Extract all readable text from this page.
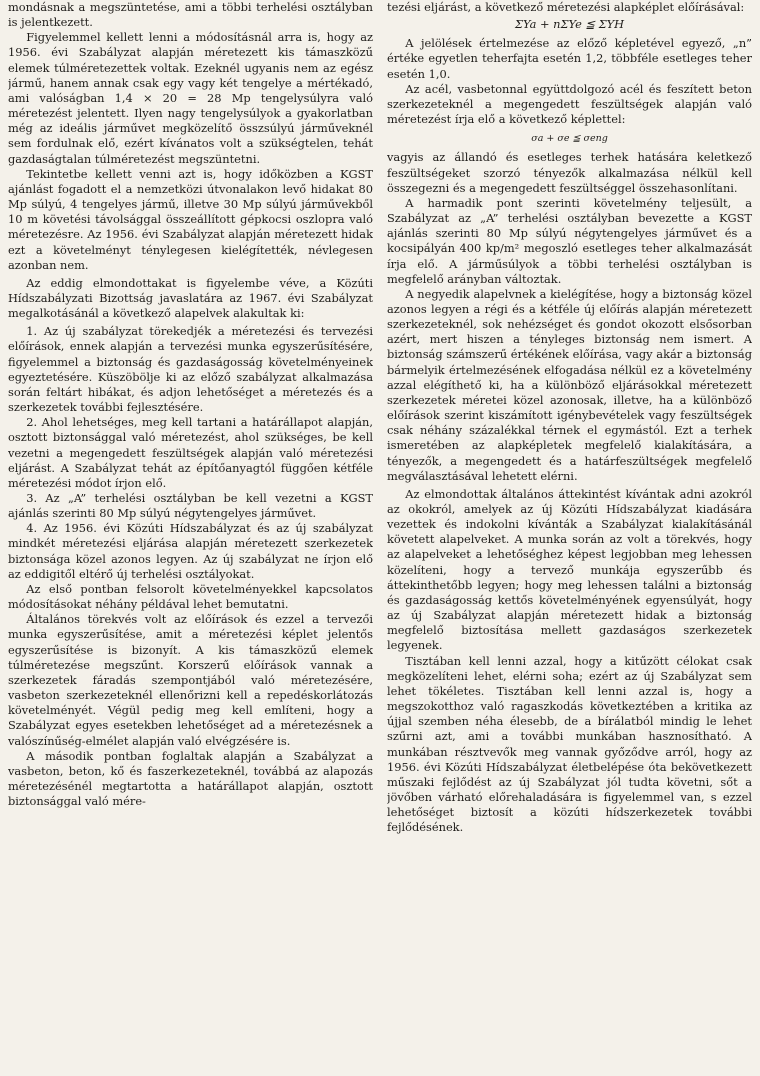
mondásnak a megszüntetése, ami a többi terhelési osztályban is jelentkezett.

Figyelemmel kellett lenni a módosításnál arra is, hogy az 1956. évi Szabályzat alapján méretezett kis támaszközű elemek túlméretezettek voltak. Ezeknél ugyanis nem az egész jármű, hanem annak csak egy vagy két tengelye a mértékadó, ami valóságban 1,4 × 20 = 28 Mp tengelysúlyra való méretezést jelentett. Ilyen nagy tengelysúlyok a gyakorlatban még az ideális járművet megközelítő összsúlyú járműveknél sem fordulnak elő, ezért kívánatos volt a szükségtelen, tehát gazdaságtalan túlméretezést megszüntetni.

Tekintetbe kellett venni azt is, hogy időközben a KGST ajánlást fogadott el a nemzetközi útvonalakon levő hidakat 80 Mp súlyú, 4 tengelyes jármű, illetve 30 Mp súlyú járművekből 10 m követési távolsággal összeállított gépkocsi oszlopra való méretezésre. Az 1956. évi Szabályzat alapján méretezett hidak ezt a követelményt ténylegesen kielégítették, névlegesen azonban nem.

Az eddig elmondottakat is figyelembe véve, a Közúti Hídszabályzati Bizottság javaslatára az 1967. évi Szabályzat megalkotásánál a következő alapelvek alakultak ki:

1. Az új szabályzat törekedjék a méretezési és tervezési előírások, ennek alapján a tervezési munka egyszerűsítésére, figyelemmel a biztonság és gazdaságosság követelményeinek egyeztetésére. Küszöbölje ki az előző szabályzat alkalmazása során feltárt hibákat, és adjon lehetőséget a méretezés és a szerkezetek további fejlesztésére.

2. Ahol lehetséges, meg kell tartani a határállapot alapján, osztott biztonsággal való méretezést, ahol szükséges, be kell vezetni a megengedett feszültségek alapján való méretezési eljárást. A Szabályzat tehát az építőanyagtól függően kétféle méretezési módot írjon elő.

3. Az „A” terhelési osztályban be kell vezetni a KGST ajánlás szerinti 80 Mp súlyú négytengelyes járművet.

4. Az 1956. évi Közúti Hídszabályzat és az új szabályzat mindkét méretezési eljárása alapján méretezett szerkezetek biztonsága közel azonos legyen. Az új szabályzat ne írjon elő az eddigitől eltérő új terhelési osztályokat.

Az első pontban felsorolt követelményekkel kapcsolatos módosításokat néhány példával lehet bemutatni.

Általános törekvés volt az előírások és ezzel a tervezői munka egyszerűsítése, amit a méretezési képlet jelentős egyszerűsítése is bizonyít. A kis támaszközű elemek túlméretezése megszűnt. Korszerű előírások vannak a szerkezetek fáradás szempontjából való méretezésére, vasbeton szerkezeteknél ellenőrizni kell a repedéskorlátozás követelményét. Végül pedig meg kell említeni, hogy a Szabályzat egyes esetekben lehetőséget ad a méretezésnek a valószínűség-elmélet alapján való elvégzésére is.

A második pontban foglaltak alapján a Szabályzat a vasbeton, beton, kő és faszerkezeteknél, továbbá az alapozás méretezésénél megtartotta a határállapot alapján, osztott biztonsággal való mére-

tezési eljárást, a következő méretezési alapképlet előírásával:

ΣYa + nΣYe ≦ ΣYH

A jelölések értelmezése az előző képletével egyező, „n” értéke egyetlen teherfajta esetén 1,2, többféle esetleges teher esetén 1,0.

Az acél, vasbetonnal együttdolgozó acél és feszített beton szerkezeteknél a megengedett feszültségek alapján való méretezést írja elő a következő képlettel:

σa + σe ≦ σeng

vagyis az állandó és esetleges terhek hatására keletkező feszültségeket szorzó tényezők alkalmazása nélkül kell összegezni és a megengedett feszültséggel összehasonlítani.

A harmadik pont szerinti követelmény teljesült, a Szabályzat az „A” terhelési osztályban bevezette a KGST ajánlás szerinti 80 Mp súlyú négytengelyes járművet és a kocsipályán 400 kp/m² megoszló esetleges teher alkalmazását írja elő. A járműsúlyok a többi terhelési osztályban is megfelelő arányban változtak.

A negyedik alapelvnek a kielégítése, hogy a biztonság közel azonos legyen a régi és a kétféle új előírás alapján méretezett szerkezeteknél, sok nehézséget és gondot okozott elsősorban azért, mert hiszen a tényleges biztonság nem ismert. A biztonság számszerű értékének előírása, vagy akár a biztonság bármelyik értelmezésének elfogadása nélkül ez a követelmény azzal elégíthető ki, ha a különböző eljárásokkal méretezett szerkezetek méretei közel azonosak, illetve, ha a különböző előírások szerint kiszámított igénybevételek vagy feszültségek csak néhány százalékkal térnek el egymástól. Ezt a terhek ismeretében az alapképletek megfelelő kialakítására, a tényezők, a megengedett és a határfeszültségek megfelelő megválasztásával lehetett elérni.

Az elmondottak általános áttekintést kívántak adni azokról az okokról, amelyek az új Közúti Hídszabályzat kiadására vezettek és indokolni kívánták a Szabályzat kialakításánál követett alapelveket. A munka során az volt a törekvés, hogy az alapelveket a lehetőséghez képest legjobban meg lehessen közelíteni, hogy a tervező munkája egyszerűbb és áttekinthetőbb legyen; hogy meg lehessen találni a biztonság és gazdaságosság kettős követelményének egyensúlyát, hogy az új Szabályzat alapján méretezett hidak a biztonság megfelelő biztosítása mellett gazdaságos szerkezetek legyenek.

Tisztában kell lenni azzal, hogy a kitűzött célokat csak megközelíteni lehet, elérni soha; ezért az új Szabályzat sem lehet tökéletes. Tisztában kell lenni azzal is, hogy a megszokotthoz való ragaszkodás következtében a kritika az újjal szemben néha élesebb, de a bírálatból mindig le lehet szűrni azt, ami a további munkában hasznosítható. A munkában résztvevők meg vannak győződve arról, hogy az 1956. évi Közúti Hídszabályzat életbelépése óta bekövetkezett műszaki fejlődést az új Szabályzat jól tudta követni, sőt a jövőben várható előrehaladására is figyelemmel van, s ezzel lehetőséget biztosít a közúti hídszerkezetek további fejlődésének.
